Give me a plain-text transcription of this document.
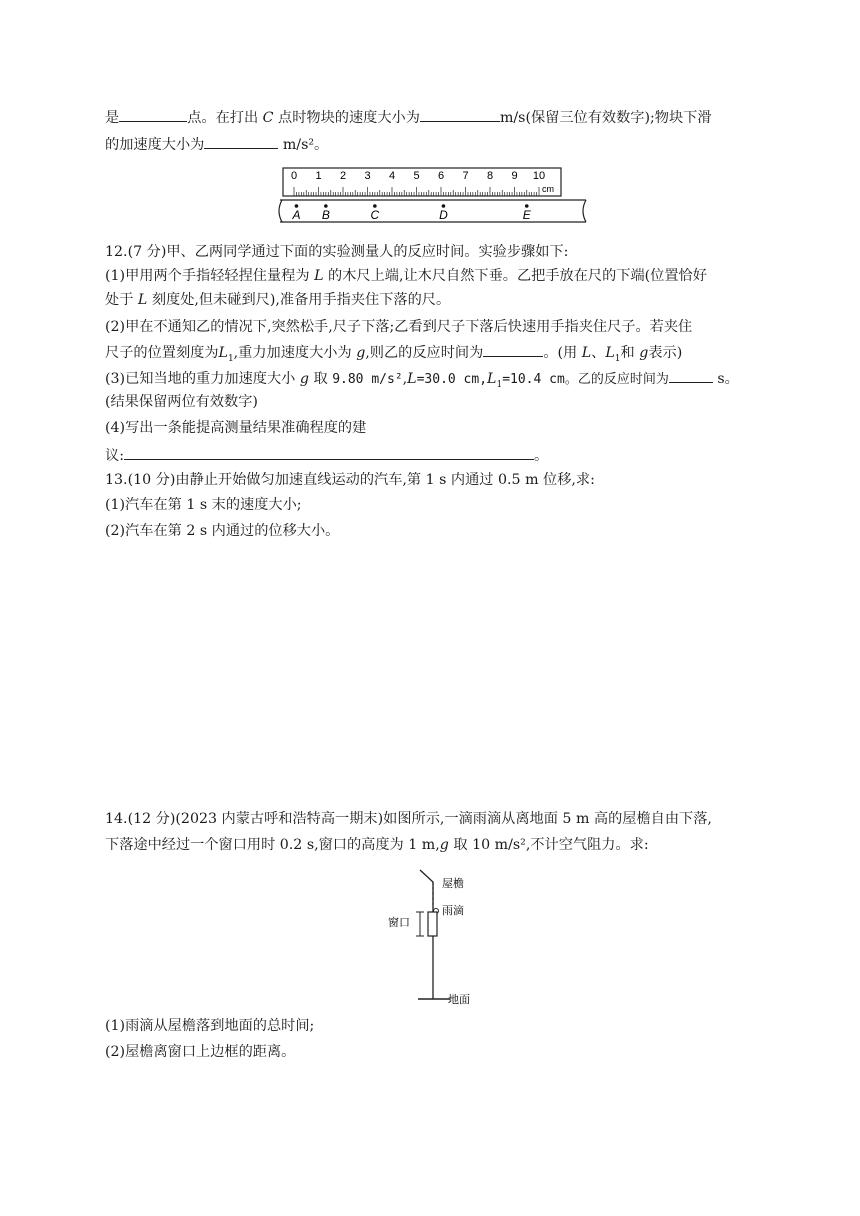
是	点。在打出 C 点时物块的速度大小为	m/s(保留三位有效数字);物块下滑
的加速度大小为	m/s²。
0 1 2 3 4 5 6 7 8 9 10
cm
A B	C	D	E
12.(7 分)甲、乙两同学通过下面的实验测量人的反应时间。实验步骤如下:
(1)甲用两个手指轻轻捏住量程为 L 的木尺上端,让木尺自然下垂。乙把手放在尺的下端(位置恰好
处于 L 刻度处,但未碰到尺),准备用手指夹住下落的尺。
(2)甲在不通知乙的情况下,突然松手,尺子下落;乙看到尺子下落后快速用手指夹住尺子。若夹住
尺子的位置刻度为$L_1$,重力加速度大小为 g,则乙的反应时间为	。(用 L、$L_1$和 g表示)
(3)已知当地的重力加速度大小 g 取 9.80 m/s²,L=30.0 $cm,L_1=10.4$ cm。乙的反应时间为	s。
(结果保留两位有效数字)
(4)写出一条能提高测量结果准确程度的建
议:	。
13.(10 分)由静止开始做匀加速直线运动的汽车,第 1 s 内通过 0.5 m 位移,求:
(1)汽车在第 1 s 末的速度大小;
(2)汽车在第 2 s 内通过的位移大小。
14.(12 分)(2023 内蒙古呼和浩特高一期末)如图所示,一滴雨滴从离地面 5 m 高的屋檐自由下落,
下落途中经过一个窗口用时 0.2 s,窗口的高度为 1 m,g 取 10 m/s²,不计空气阻力。求:
屋檐
雨滴
窗口
地面
(1)雨滴从屋檐落到地面的总时间;
(2)屋檐离窗口上边框的距离。
